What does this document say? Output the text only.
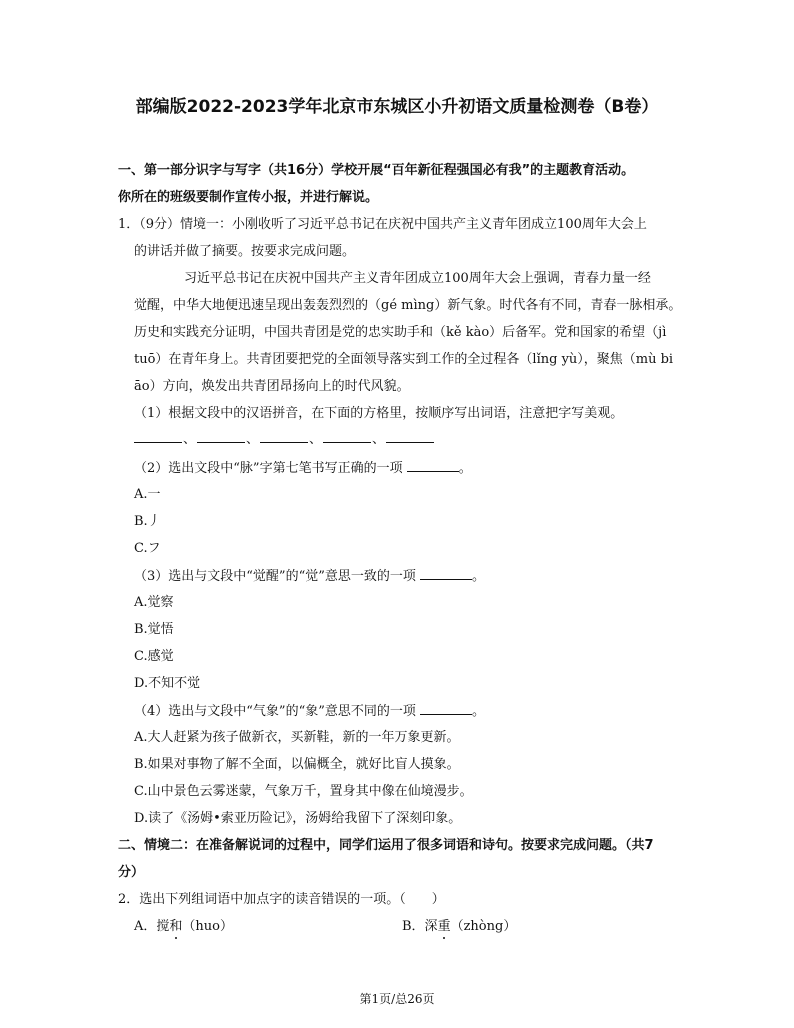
部编版2022-2023学年北京市东城区小升初语文质量检测卷（B卷）
一、第一部分识字与写字（共16分）学校开展“百年新征程强国必有我”的主题教育活动。
你所在的班级要制作宣传小报，并进行解说。
1．（9分）情境一：小刚收听了习近平总书记在庆祝中国共产主义青年团成立100周年大会上
的讲话并做了摘要。按要求完成问题。
习近平总书记在庆祝中国共产主义青年团成立100周年大会上强调，青春力量一经
觉醒，中华大地便迅速呈现出轰轰烈烈的（gé mìng）新气象。时代各有不同，青春一脉相承。
历史和实践充分证明，中国共青团是党的忠实助手和（kě kào）后备军。党和国家的希望（jì
tuō）在青年身上。共青团要把党的全面领导落实到工作的全过程各（lǐng yù），聚焦（mù bi
āo）方向，焕发出共青团昂扬向上的时代风貌。
（1）根据文段中的汉语拼音，在下面的方格里，按顺序写出词语，注意把字写美观。
、	、	、	、
（2）选出文段中“脉”字第七笔书写正确的一项	。
A.一
B.丿
C.フ
（3）选出与文段中“觉醒”的“觉”意思一致的一项	。
A.觉察
B.觉悟
C.感觉
D.不知不觉
（4）选出与文段中“气象”的“象”意思不同的一项	。
A.大人赶紧为孩子做新衣，买新鞋，新的一年万象更新。
B.如果对事物了解不全面，以偏概全，就好比盲人摸象。
C.山中景色云雾迷蒙，气象万千，置身其中像在仙境漫步。
D.读了《汤姆•索亚历险记》，汤姆给我留下了深刻印象。
二、情境二：在准备解说词的过程中，同学们运用了很多词语和诗句。按要求完成问题。（共7
分）
2．选出下列组词语中加点字的读音错误的一项。（　　）
A．搅和（huo）	B．深重（zhòng）
第1页/总26页
